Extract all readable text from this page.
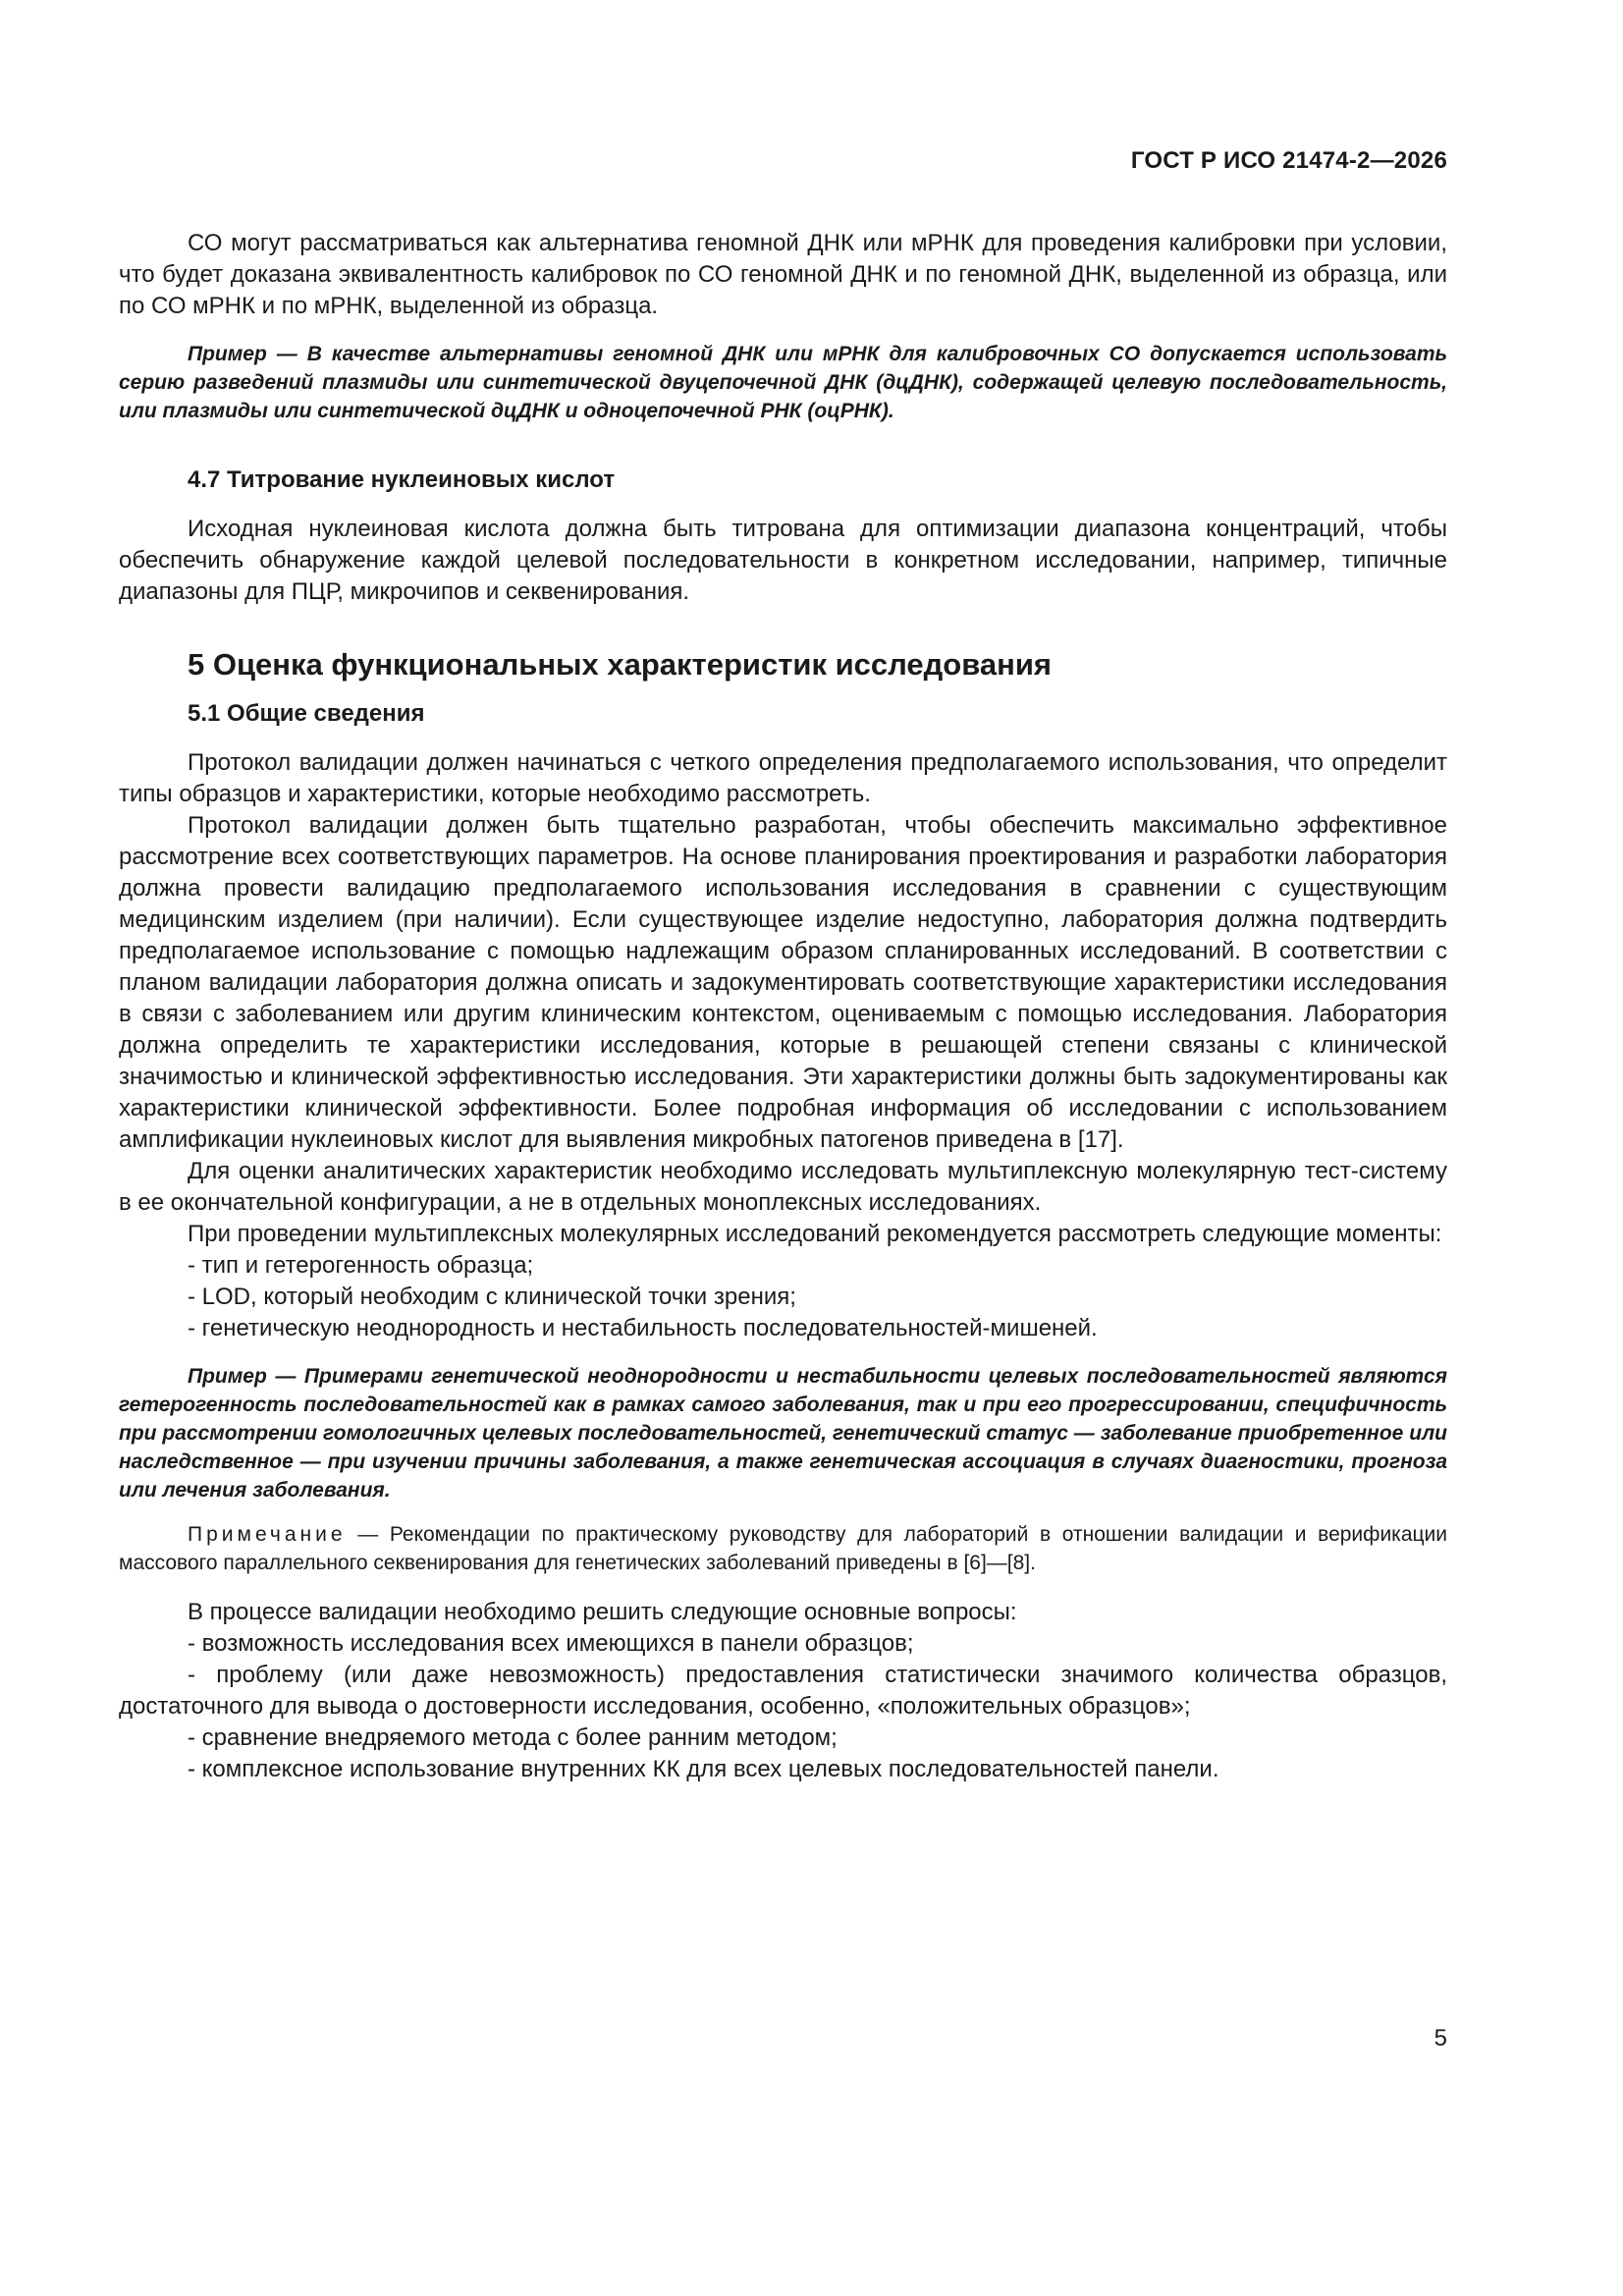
ГОСТ Р ИСО 21474-2—2026

СО могут рассматриваться как альтернатива геномной ДНК или мРНК для проведения калибровки при условии, что будет доказана эквивалентность калибровок по СО геномной ДНК и по геномной ДНК, выделенной из образца, или по СО мРНК и по мРНК, выделенной из образца.

Пример — В качестве альтернативы геномной ДНК или мРНК для калибровочных СО допускается использовать серию разведений плазмиды или синтетической двуцепочечной ДНК (дцДНК), содержащей целевую последовательность, или плазмиды или синтетической дцДНК и одноцепочечной РНК (оцРНК).

4.7 Титрование нуклеиновых кислот

Исходная нуклеиновая кислота должна быть титрована для оптимизации диапазона концентраций, чтобы обеспечить обнаружение каждой целевой последовательности в конкретном исследовании, например, типичные диапазоны для ПЦР, микрочипов и секвенирования.

5 Оценка функциональных характеристик исследования
5.1 Общие сведения

Протокол валидации должен начинаться с четкого определения предполагаемого использования, что определит типы образцов и характеристики, которые необходимо рассмотреть.

Протокол валидации должен быть тщательно разработан, чтобы обеспечить максимально эффективное рассмотрение всех соответствующих параметров. На основе планирования проектирования и разработки лаборатория должна провести валидацию предполагаемого использования исследования в сравнении с существующим медицинским изделием (при наличии). Если существующее изделие недоступно, лаборатория должна подтвердить предполагаемое использование с помощью надлежащим образом спланированных исследований. В соответствии с планом валидации лаборатория должна описать и задокументировать соответствующие характеристики исследования в связи с заболеванием или другим клиническим контекстом, оцениваемым с помощью исследования. Лаборатория должна определить те характеристики исследования, которые в решающей степени связаны с клинической значимостью и клинической эффективностью исследования. Эти характеристики должны быть задокументированы как характеристики клинической эффективности. Более подробная информация об исследовании с использованием амплификации нуклеиновых кислот для выявления микробных патогенов приведена в [17].

Для оценки аналитических характеристик необходимо исследовать мультиплексную молекулярную тест-систему в ее окончательной конфигурации, а не в отдельных моноплексных исследованиях.

При проведении мультиплексных молекулярных исследований рекомендуется рассмотреть следующие моменты:

- тип и гетерогенность образца;

- LOD, который необходим с клинической точки зрения;

- генетическую неоднородность и нестабильность последовательностей-мишеней.

Пример — Примерами генетической неоднородности и нестабильности целевых последовательностей являются гетерогенность последовательностей как в рамках самого заболевания, так и при его прогрессировании, специфичность при рассмотрении гомологичных целевых последовательностей, генетический статус — заболевание приобретенное или наследственное — при изучении причины заболевания, а также генетическая ассоциация в случаях диагностики, прогноза или лечения заболевания.

Примечание — Рекомендации по практическому руководству для лабораторий в отношении валидации и верификации массового параллельного секвенирования для генетических заболеваний приведены в [6]—[8].

В процессе валидации необходимо решить следующие основные вопросы:

- возможность исследования всех имеющихся в панели образцов;

- проблему (или даже невозможность) предоставления статистически значимого количества образцов, достаточного для вывода о достоверности исследования, особенно, «положительных образцов»;

- сравнение внедряемого метода с более ранним методом;

- комплексное использование внутренних КК для всех целевых последовательностей панели.

5
